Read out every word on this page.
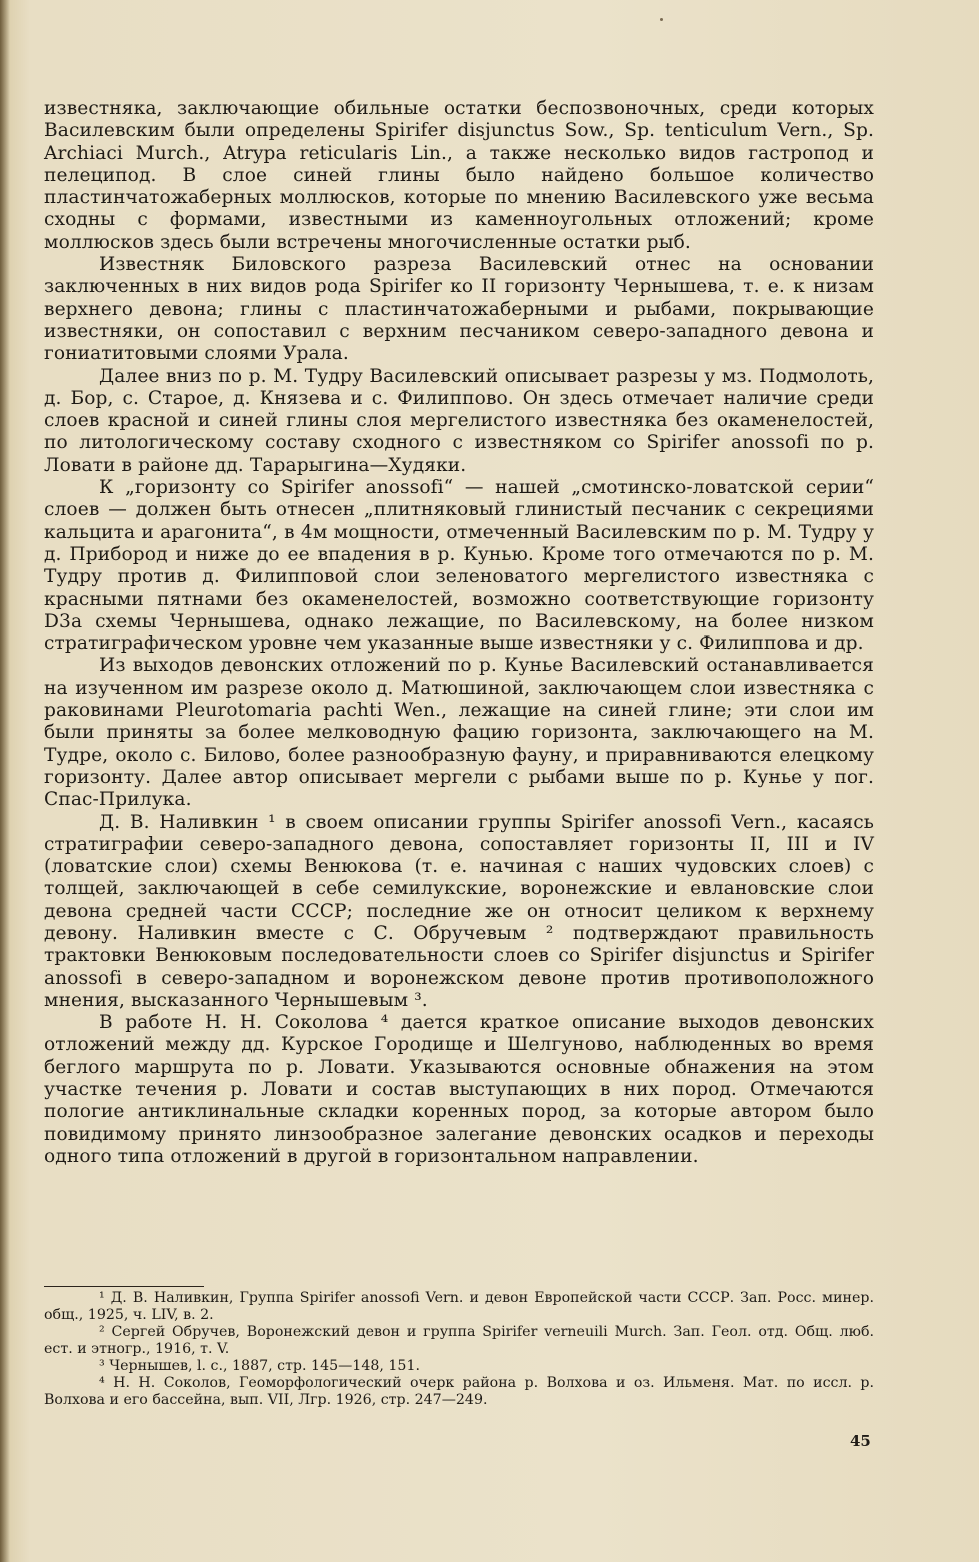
известняка, заключающие обильные остатки беспозвоночных, среди которых Василевским были определены Spirifer disjunctus Sow., Sp. tenticulum Vern., Sp. Archiaci Murch., Atrypa reticularis Lin., а также несколько видов гастропод и пелеципод. В слое синей глины было найдено большое количество пластинчатожаберных моллюсков, которые по мнению Василевского уже весьма сходны с формами, известными из каменноугольных отложений; кроме моллюсков здесь были встречены многочисленные остатки рыб.

Известняк Биловского разреза Василевский отнес на основании заключенных в них видов рода Spirifer ко II горизонту Чернышева, т. е. к низам верхнего девона; глины с пластинчатожаберными и рыбами, покрывающие известняки, он сопоставил с верхним песчаником северо-западного девона и гониатитовыми слоями Урала.

Далее вниз по р. М. Тудру Василевский описывает разрезы у мз. Подмолоть, д. Бор, с. Старое, д. Князева и с. Филиппово. Он здесь отмечает наличие среди слоев красной и синей глины слоя мергелистого известняка без окаменелостей, по литологическому составу сходного с известняком со Spirifer anossofi по р. Ловати в районе дд. Тарарыгина—Худяки.

К „горизонту со Spirifer anossofi“ — нашей „смотинско-ловатской серии“ слоев — должен быть отнесен „плитняковый глинистый песчаник с секрециями кальцита и арагонита“, в 4м мощности, отмеченный Василевским по р. М. Тудру у д. Прибород и ниже до ее впадения в р. Кунью. Кроме того отмечаются по р. М. Тудру против д. Филипповой слои зеленоватого мергелистого известняка с красными пятнами без окаменелостей, возможно соответствующие горизонту D3a схемы Чернышева, однако лежащие, по Василевскому, на более низком стратиграфическом уровне чем указанные выше известняки у с. Филиппова и др.

Из выходов девонских отложений по р. Кунье Василевский останавливается на изученном им разрезе около д. Матюшиной, заключающем слои известняка с раковинами Pleurotomaria pachti Wen., лежащие на синей глине; эти слои им были приняты за более мелководную фацию горизонта, заключающего на М. Тудре, около с. Билово, более разнообразную фауну, и приравниваются елецкому горизонту. Далее автор описывает мергели с рыбами выше по р. Кунье у пог. Спас-Прилука.

Д. В. Наливкин ¹ в своем описании группы Spirifer anossofi Vern., касаясь стратиграфии северо-западного девона, сопоставляет горизонты II, III и IV (ловатские слои) схемы Венюкова (т. е. начиная с наших чудовских слоев) с толщей, заключающей в себе семилукские, воронежские и евлановские слои девона средней части СССР; последние же он относит целиком к верхнему девону. Наливкин вместе с С. Обручевым ² подтверждают правильность трактовки Венюковым последовательности слоев со Spirifer disjunctus и Spirifer anossofi в северо-западном и воронежском девоне против противоположного мнения, высказанного Чернышевым ³.

В работе Н. Н. Соколова ⁴ дается краткое описание выходов девонских отложений между дд. Курское Городище и Шелгуново, наблюденных во время беглого маршрута по р. Ловати. Указываются основные обнажения на этом участке течения р. Ловати и состав выступающих в них пород. Отмечаются пологие антиклинальные складки коренных пород, за которые автором было повидимому принято линзообразное залегание девонских осадков и переходы одного типа отложений в другой в горизонтальном направлении.

¹ Д. В. Наливкин, Группа Spirifer anossofi Vern. и девон Европейской части СССР. Зап. Росс. минер. общ., 1925, ч. LIV, в. 2.

² Сергей Обручев, Воронежский девон и группа Spirifer verneuili Murch. Зап. Геол. отд. Общ. люб. ест. и этногр., 1916, т. V.

³ Чернышев, l. c., 1887, стр. 145—148, 151.

⁴ Н. Н. Соколов, Геоморфологический очерк района р. Волхова и оз. Ильменя. Мат. по иссл. р. Волхова и его бассейна, вып. VII, Лгр. 1926, стр. 247—249.

45
